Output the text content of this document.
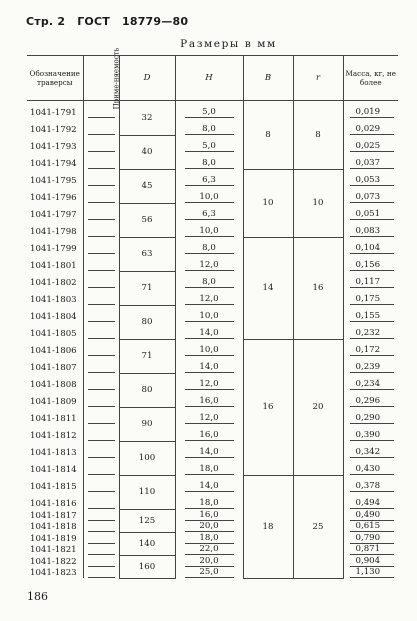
Стр. 2 ГОСТ 18779—80
Размеры в мм
Обозначение траверсы	Приме-няемость	D	H	B	r	Масса, кг, не более
1041-1791		32	5,0	8	8	0,019

1041-1792			8,0			0,029

1041-1793		40	5,0			0,025

1041-1794			8,0			0,037

1041-1795		45	6,3	10	10	0,053

1041-1796			10,0			0,073

1041-1797		56	6,3			0,051

1041-1798			10,0			0,083

1041-1799		63	8,0	14	16	0,104

1041-1801			12,0			0,156

1041-1802		71	8,0			0,117

1041-1803			12,0			0,175

1041-1804		80	10,0			0,155

1041-1805			14,0			0,232

1041-1806		71	10,0	16	20	0,172

1041-1807			14,0			0,239

1041-1808		80	12,0			0,234

1041-1809			16,0			0,296

1041-1811		90	12,0			0,290

1041-1812			16,0			0,390

1041-1813		100	14,0			0,342

1041-1814			18,0			0,430

1041-1815		110	14,0	18	25	0,378

1041-1816			18,0			0,494

1041-1817		125	16,0			0,490

1041-1818			20,0			0,615

1041-1819		140	18,0			0,790

1041-1821			22,0			0,871

1041-1822		160	20,0			0,904

1041-1823			25,0			1,130
186
